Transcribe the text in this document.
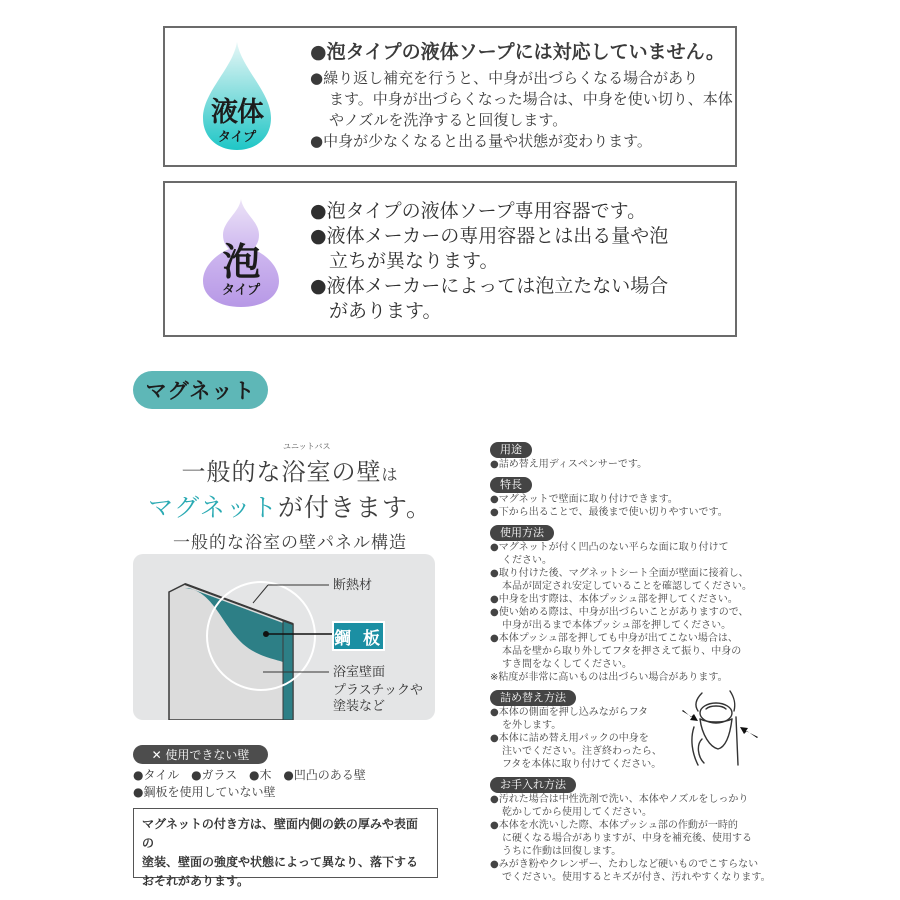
液体
タイプ
●泡タイプの液体ソープには対応していません。
●繰り返し補充を行うと、中身が出づらくなる場合があり
ます。中身が出づらくなった場合は、中身を使い切り、本体
やノズルを洗浄すると回復します。
●中身が少なくなると出る量や状態が変わります。
泡
タイプ
●泡タイプの液体ソープ専用容器です。
●液体メーカーの専用容器とは出る量や泡
立ちが異なります。
●液体メーカーによっては泡立たない場合
があります。
マグネット
ユニットバス
一般的な浴室の壁は
マグネットが付きます。
一般的な浴室の壁パネル構造
断熱材
鋼 板
浴室壁面
プラスチックや
塗装など
✕ 使用できない壁
●タイル ●ガラス ●木 ●凹凸のある壁
●鋼板を使用していない壁
マグネットの付き方は、壁面内側の鉄の厚みや表面の
塗装、壁面の強度や状態によって異なり、落下する
おそれがあります。
用途
●詰め替え用ディスペンサーです。
特長
●マグネットで壁面に取り付けできます。
●下から出ることで、最後まで使い切りやすいです。
使用方法
●マグネットが付く凹凸のない平らな面に取り付けて
ください。
●取り付けた後、マグネットシート全面が壁面に接着し、
本品が固定され安定していることを確認してください。
●中身を出す際は、本体プッシュ部を押してください。
●使い始める際は、中身が出づらいことがありますので、
中身が出るまで本体プッシュ部を押してください。
●本体プッシュ部を押しても中身が出てこない場合は、
本品を壁から取り外してフタを押さえて振り、中身の
すき間をなくしてください。
※粘度が非常に高いものは出づらい場合があります。
詰め替え方法
●本体の側面を押し込みながらフタ
を外します。
●本体に詰め替え用パックの中身を
注いでください。注ぎ終わったら、
フタを本体に取り付けてください。
お手入れ方法
●汚れた場合は中性洗剤で洗い、本体やノズルをしっかり
乾かしてから使用してください。
●本体を水洗いした際、本体プッシュ部の作動が一時的
に硬くなる場合がありますが、中身を補充後、使用する
うちに作動は回復します。
●みがき粉やクレンザー、たわしなど硬いものでこすらない
でください。使用するとキズが付き、汚れやすくなります。
